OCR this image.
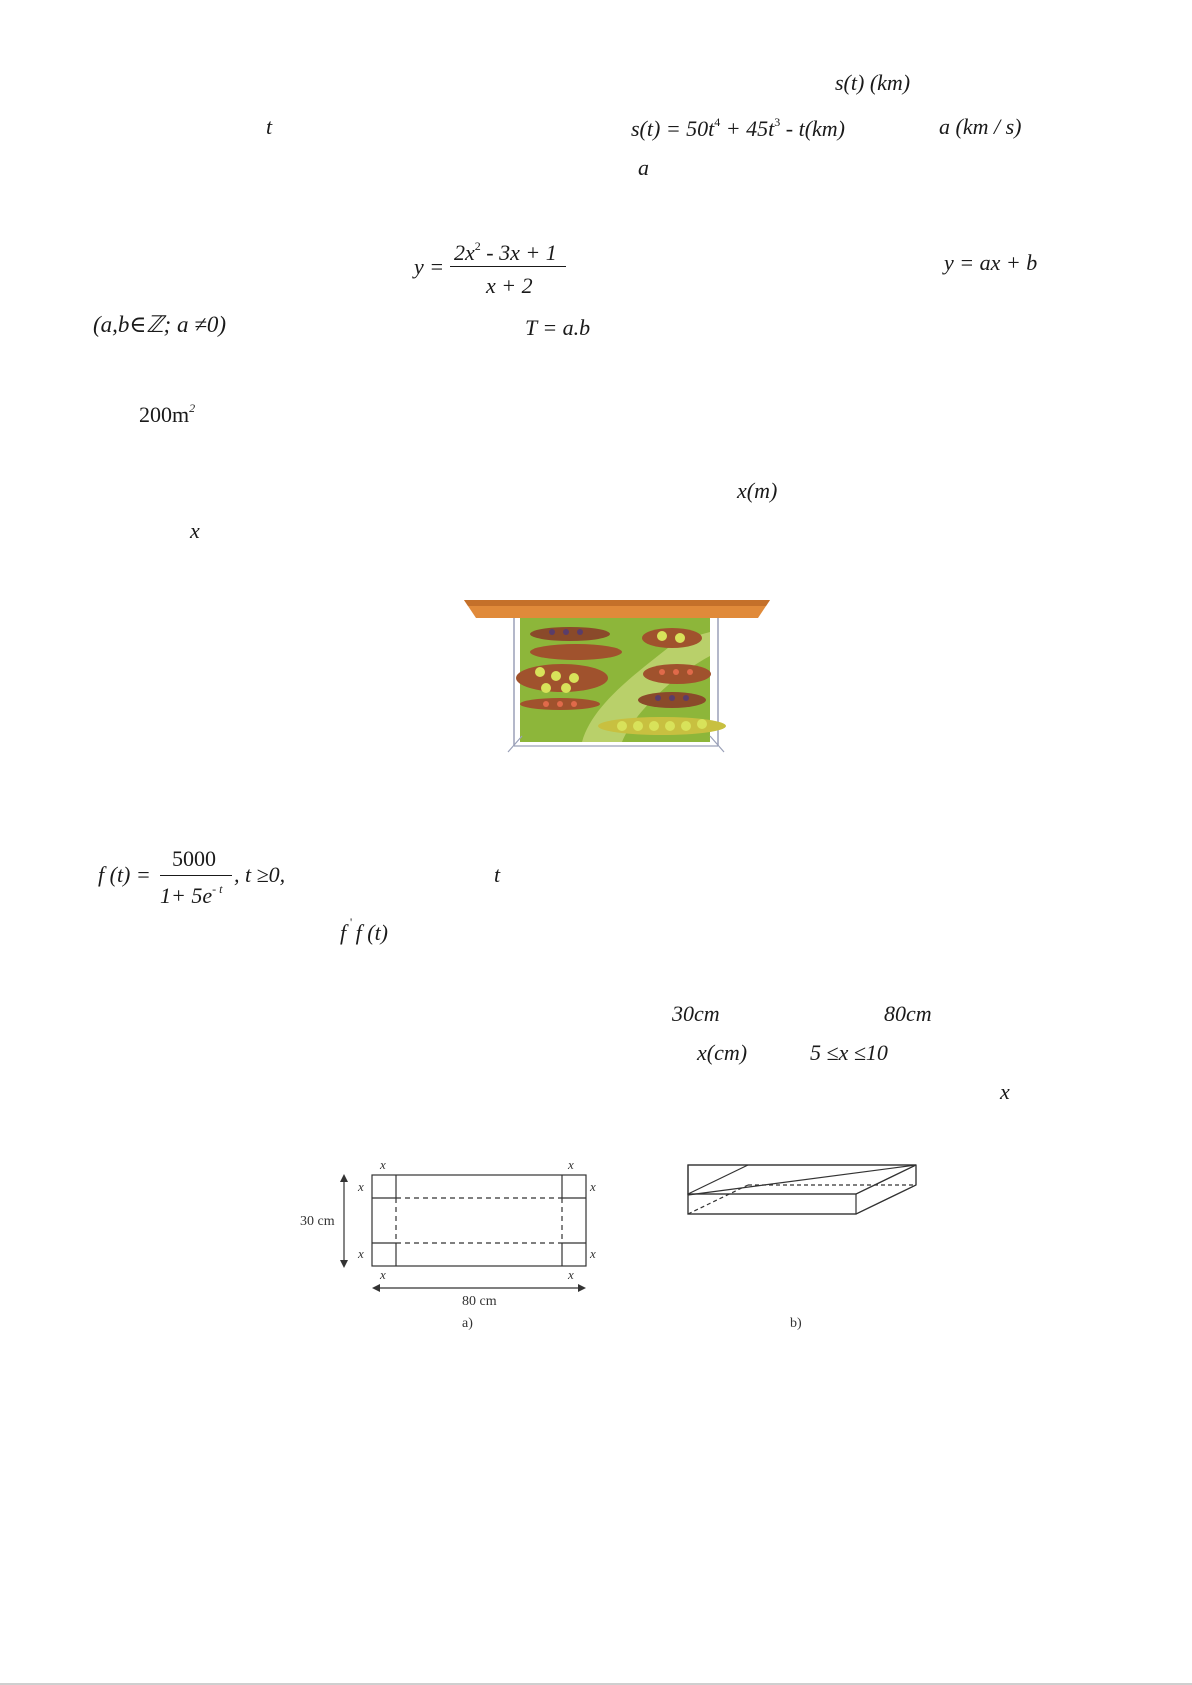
s(t) (km)
t	$s(t) = 50t^4 + 45t^3 - t(km)$	a (km / s)
a
y =
$2x^2 - 3x + 1$
x + 2
y = ax + b
(a,b∈ℤ; a ≠0)	T = a.b
$200m^2$
x(m)
x
f (t) =
5000
$1+ 5e^{- t}$
, t ≥0,	t
f ' f (t)
30cm	80cm
x(cm)	5 ≤x ≤10
x
x	x
x	x
x	x
x	x
30 cm
80 cm
a)	b)
